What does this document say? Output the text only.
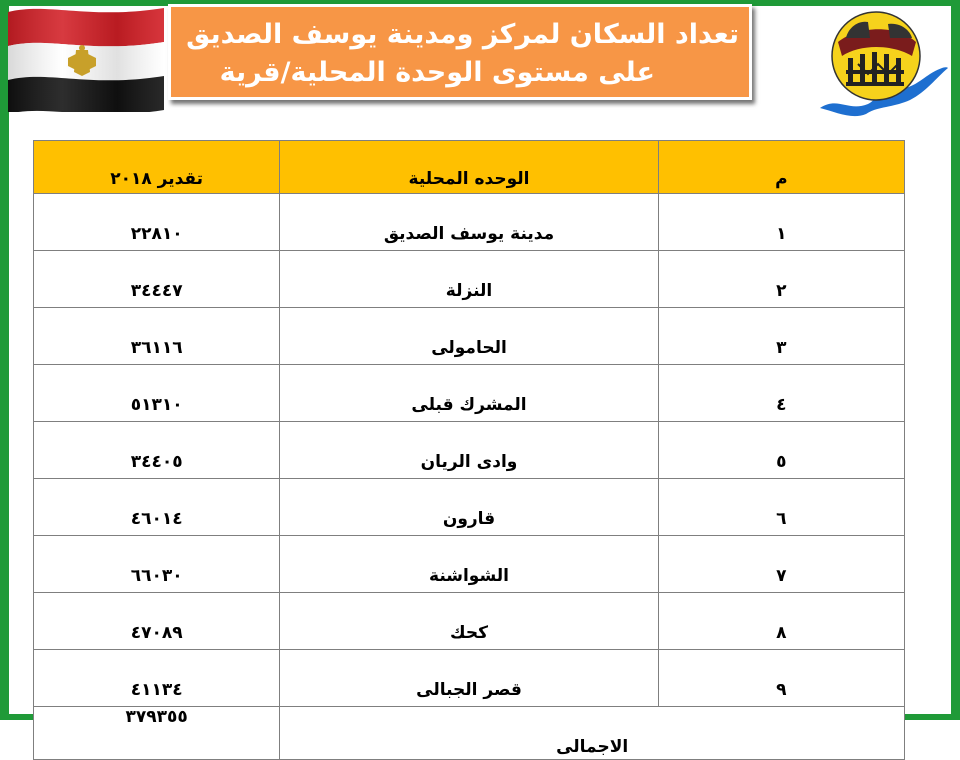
تعداد السكان لمركز ومدينة يوسف الصديق
على مستوى الوحدة المحلية/قرية
م	الوحده المحلية	تقدير ٢٠١٨
١	مدينة يوسف الصديق	٢٢٨١٠
٢	النزلة	٣٤٤٤٧
٣	الحامولى	٣٦١١٦
٤	المشرك قبلى	٥١٣١٠
٥	وادى الريان	٣٤٤٠٥
٦	قارون	٤٦٠١٤
٧	الشواشنة	٦٦٠٣٠
٨	كحك	٤٧٠٨٩
٩	قصر الجبالى	٤١١٣٤
الاجمالى		٣٧٩٣٥٥
